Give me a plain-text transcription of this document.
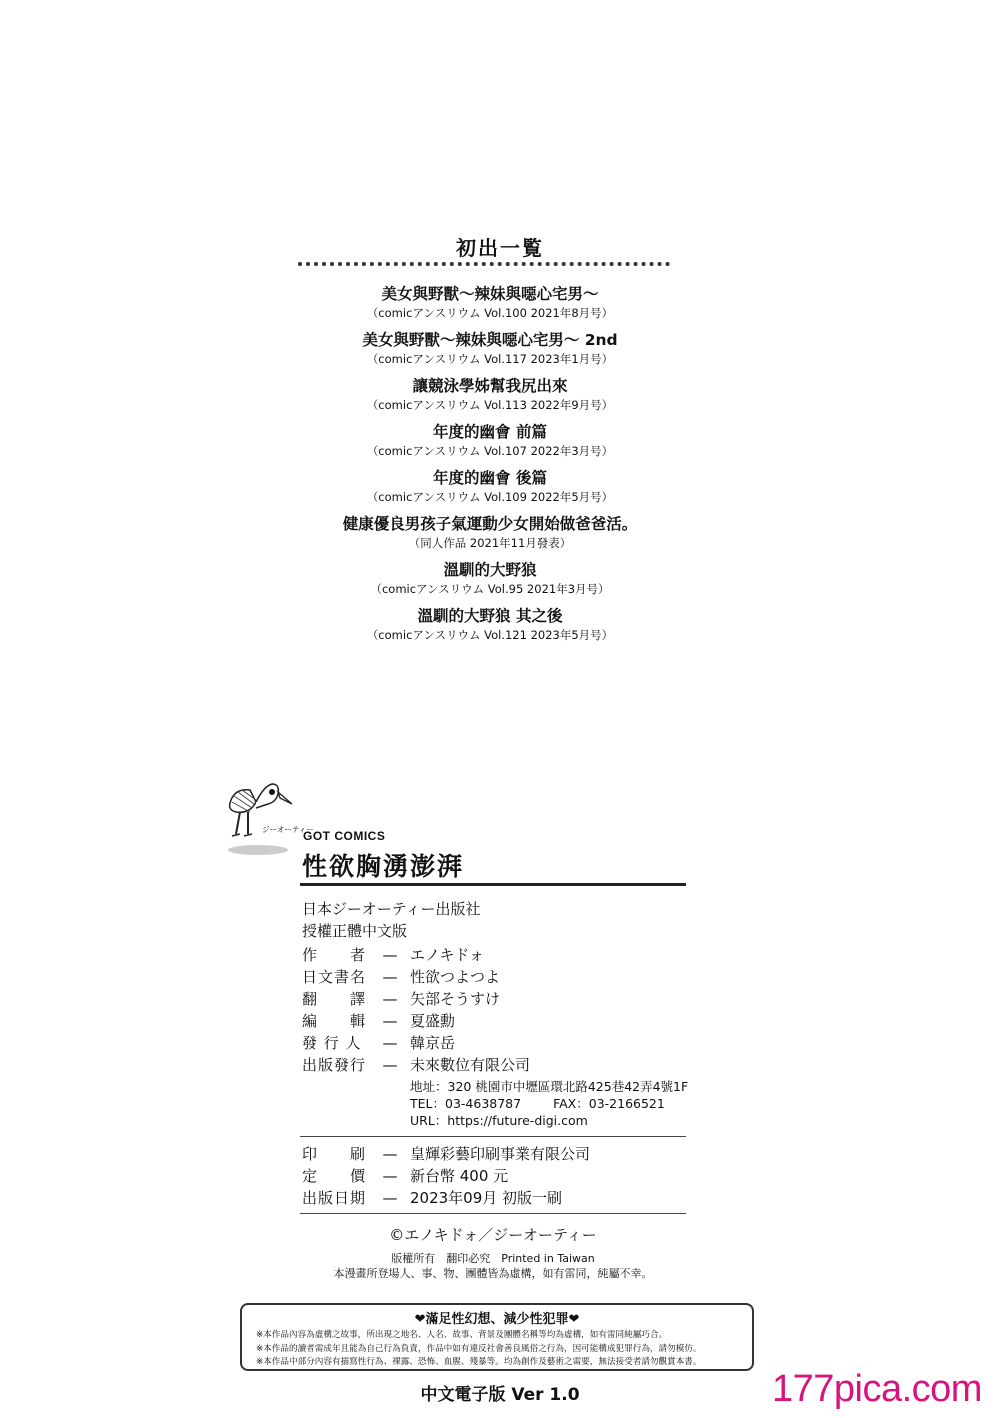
初出一覧
美女與野獸〜辣妹與噁心宅男〜
（comicアンスリウム Vol.100 2021年8月号）
美女與野獸〜辣妹與噁心宅男〜 2nd
（comicアンスリウム Vol.117 2023年1月号）
讓競泳學姊幫我尻出來
（comicアンスリウム Vol.113 2022年9月号）
年度的幽會 前篇
（comicアンスリウム Vol.107 2022年3月号）
年度的幽會 後篇
（comicアンスリウム Vol.109 2022年5月号）
健康優良男孩子氣運動少女開始做爸爸活。
（同人作品 2021年11月發表）
溫馴的大野狼
（comicアンスリウム Vol.95 2021年3月号）
溫馴的大野狼 其之後
（comicアンスリウム Vol.121 2023年5月号）
ジーオーティー
GOT COMICS
性欲胸湧澎湃
日本ジーオーティー出版社
授權正體中文版
作　　者	— エノキドォ
日文書名	— 性欲つよつよ
翻　　譯	— 矢部そうすけ
編　　輯	— 夏盛勳
發 行 人	— 韓京岳
出版發行	— 未來數位有限公司
地址：320 桃園市中壢區環北路425巷42弄4號1F
TEL：03-4638787	FAX：03-2166521
URL：https://future-digi.com
印　　刷	— 皇輝彩藝印刷事業有限公司
定　　價	— 新台幣 400 元
出版日期	— 2023年09月 初版一刷
©エノキドォ／ジーオーティー
版權所有　翻印必究　Printed in Taiwan
本漫畫所登場人、事、物、團體皆為虛構，如有雷同，純屬不幸。
❤滿足性幻想、減少性犯罪❤
※本作品內容為虛構之故事，所出現之地名、人名、故事、背景及團體名稱等均為虛構，如有雷同純屬巧合。
※本作品的讀者需成年且能為自己行為負責，作品中如有違反社會善良風俗之行為，因可能構成犯罪行為，請勿模仿。
※本作品中部分內容有描寫性行為、裸露、恐怖、血腥、殘暴等。均為創作及藝術之需要，無法接受者請勿觀賞本書。
中文電子版 Ver 1.0	177pica.com
